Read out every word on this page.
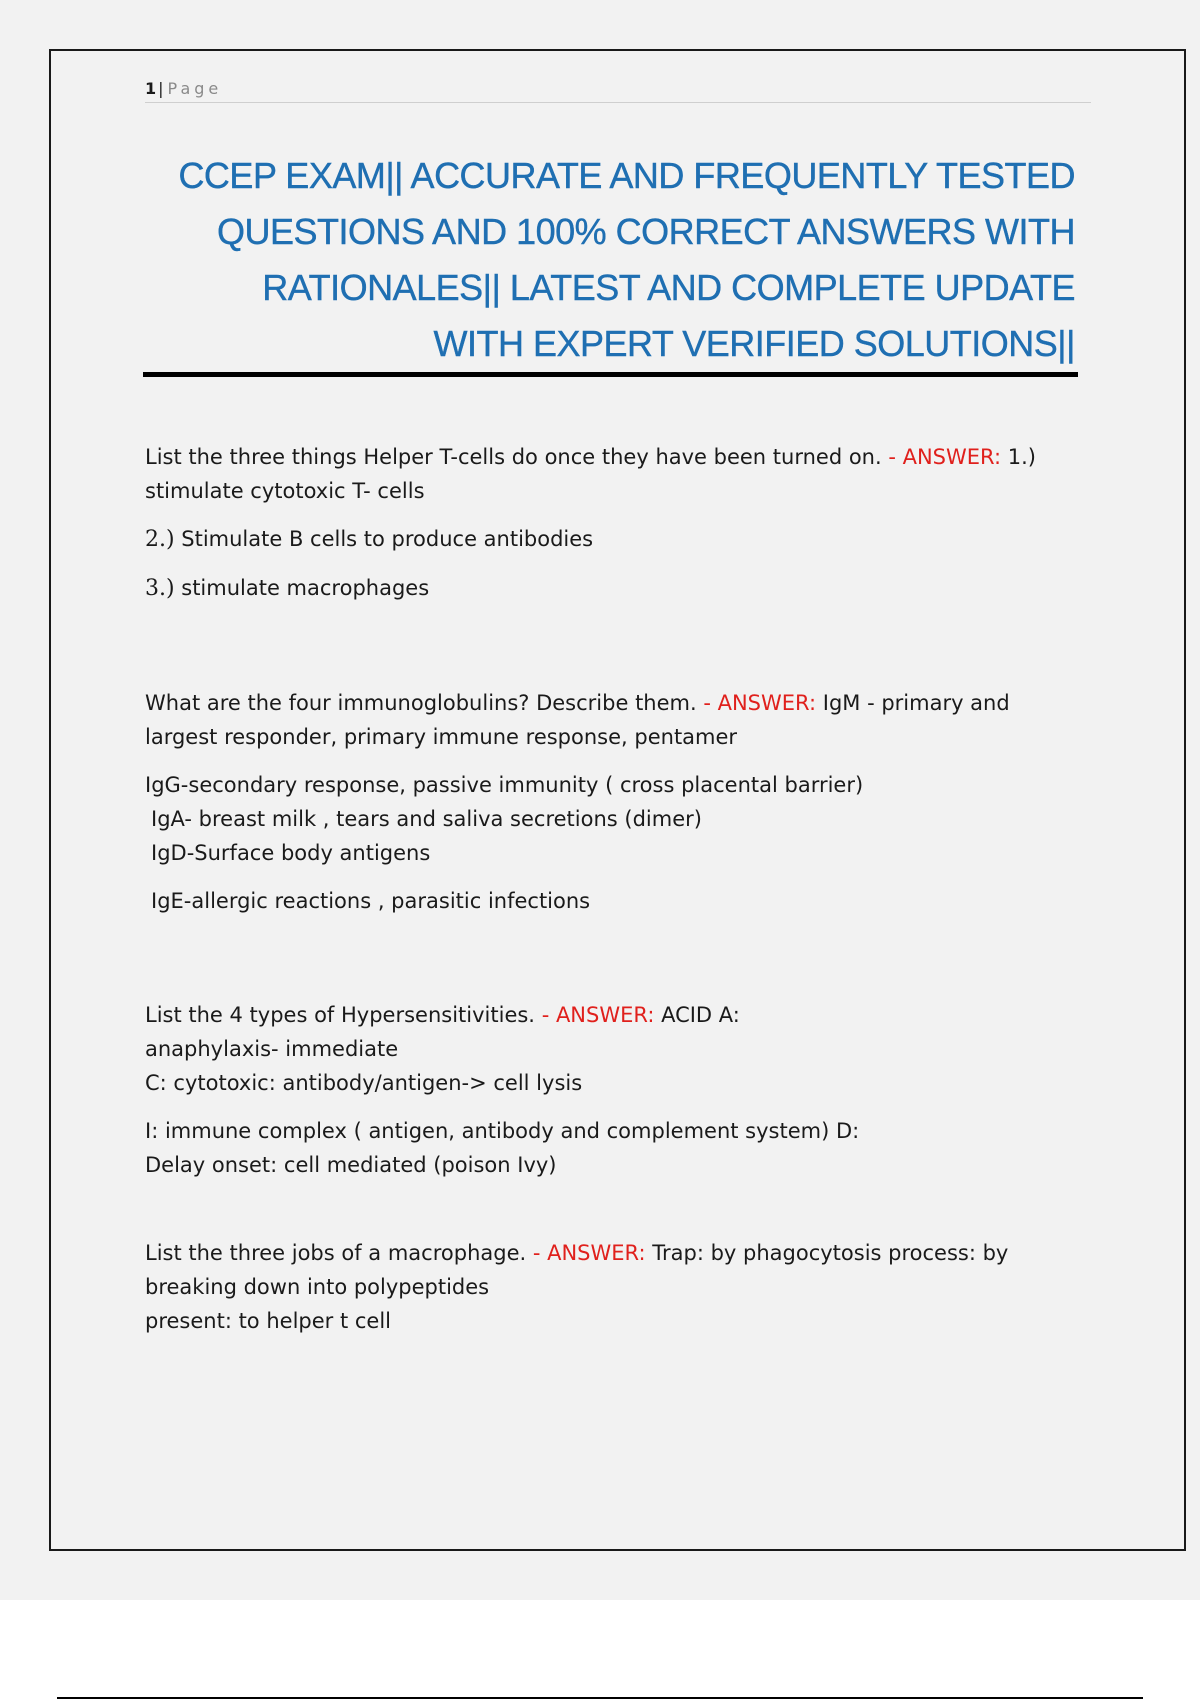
1 | Page
CCEP EXAM|| ACCURATE AND FREQUENTLY TESTED
QUESTIONS AND 100% CORRECT ANSWERS WITH
RATIONALES|| LATEST AND COMPLETE UPDATE
WITH EXPERT VERIFIED SOLUTIONS||

List the three things Helper T-cells do once they have been turned on. - ANSWER: 1.)
stimulate cytotoxic T- cells

2.) Stimulate B cells to produce antibodies

3.) stimulate macrophages

What are the four immunoglobulins? Describe them. - ANSWER: IgM - primary and
largest responder, primary immune response, pentamer

IgG-secondary response, passive immunity ( cross placental barrier)
IgA- breast milk , tears and saliva secretions (dimer)
IgD-Surface body antigens

IgE-allergic reactions , parasitic infections

List the 4 types of Hypersensitivities. - ANSWER: ACID A:
anaphylaxis- immediate
C: cytotoxic: antibody/antigen-> cell lysis

I: immune complex ( antigen, antibody and complement system) D:
Delay onset: cell mediated (poison Ivy)

List the three jobs of a macrophage. - ANSWER: Trap: by phagocytosis process: by
breaking down into polypeptides
present: to helper t cell
